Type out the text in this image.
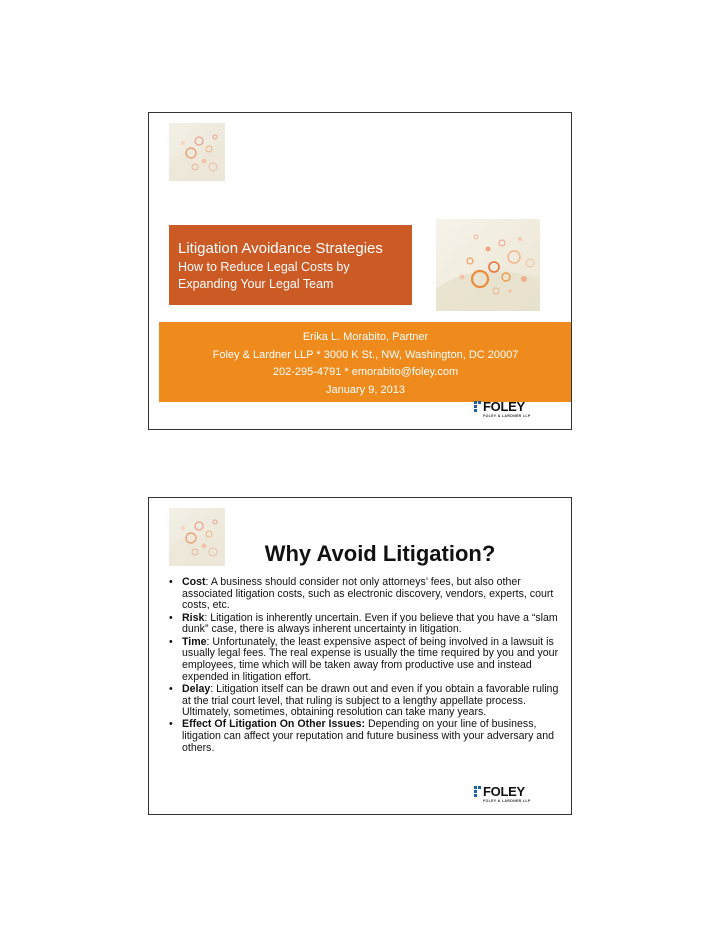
Litigation Avoidance Strategies

How to Reduce Legal Costs by

Expanding Your Legal Team

Erika L. Morabito, Partner

Foley & Lardner LLP * 3000 K St., NW, Washington, DC 20007

202-295-4791 * emorabito@foley.com

January 9, 2013

FOLEY
FOLEY & LARDNER LLP
Why Avoid Litigation?
• Cost: A business should consider not only attorneys’ fees, but also other associated litigation costs, such as electronic discovery, vendors, experts, court costs, etc.
• Risk: Litigation is inherently uncertain. Even if you believe that you have a “slam dunk” case, there is always inherent uncertainty in litigation.
• Time: Unfortunately, the least expensive aspect of being involved in a lawsuit is usually legal fees. The real expense is usually the time required by you and your employees, time which will be taken away from productive use and instead expended in litigation effort.
• Delay: Litigation itself can be drawn out and even if you obtain a favorable ruling at the trial court level, that ruling is subject to a lengthy appellate process. Ultimately, sometimes, obtaining resolution can take many years.
• Effect Of Litigation On Other Issues: Depending on your line of business, litigation can affect your reputation and future business with your adversary and others.
FOLEY
FOLEY & LARDNER LLP
